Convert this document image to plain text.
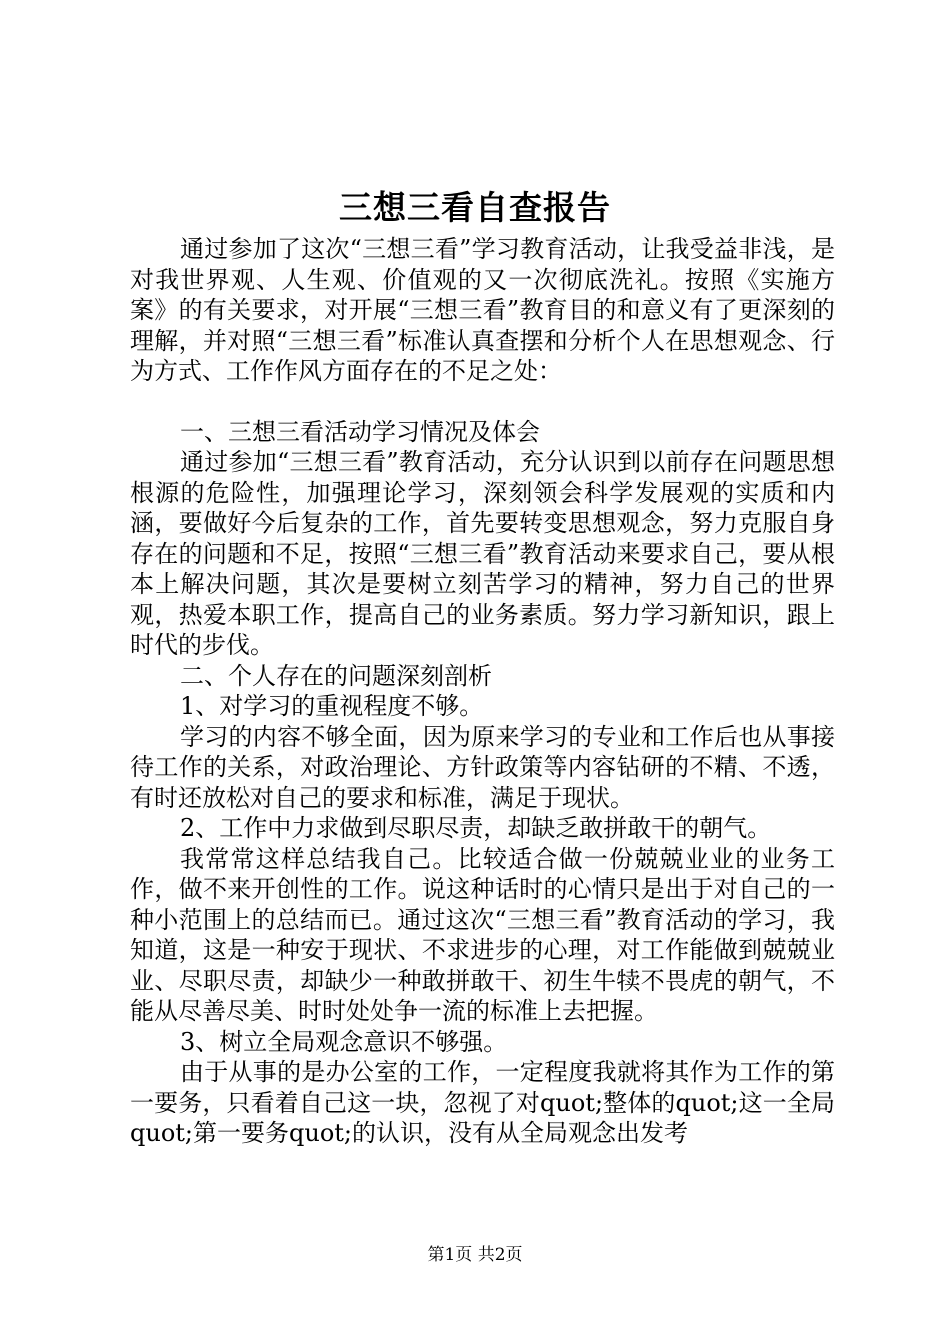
三想三看自查报告

通过参加了这次“三想三看”学习教育活动，让我受益非浅，是对我世界观、人生观、价值观的又一次彻底洗礼。按照《实施方案》的有关要求，对开展“三想三看”教育目的和意义有了更深刻的理解，并对照“三想三看”标准认真查摆和分析个人在思想观念、行为方式、工作作风方面存在的不足之处：

一、三想三看活动学习情况及体会

通过参加“三想三看”教育活动，充分认识到以前存在问题思想根源的危险性，加强理论学习，深刻领会科学发展观的实质和内涵，要做好今后复杂的工作，首先要转变思想观念，努力克服自身存在的问题和不足，按照“三想三看”教育活动来要求自己，要从根本上解决问题，其次是要树立刻苦学习的精神，努力自己的世界观，热爱本职工作，提高自己的业务素质。努力学习新知识，跟上时代的步伐。

二、个人存在的问题深刻剖析

1、对学习的重视程度不够。

学习的内容不够全面，因为原来学习的专业和工作后也从事接待工作的关系，对政治理论、方针政策等内容钻研的不精、不透，有时还放松对自己的要求和标准，满足于现状。

2、工作中力求做到尽职尽责，却缺乏敢拼敢干的朝气。

我常常这样总结我自己。比较适合做一份兢兢业业的业务工作，做不来开创性的工作。说这种话时的心情只是出于对自己的一种小范围上的总结而已。通过这次“三想三看”教育活动的学习，我知道，这是一种安于现状、不求进步的心理，对工作能做到兢兢业业、尽职尽责，却缺少一种敢拼敢干、初生牛犊不畏虎的朝气，不能从尽善尽美、时时处处争一流的标准上去把握。

3、树立全局观念意识不够强。

由于从事的是办公室的工作，一定程度我就将其作为工作的第一要务，只看着自己这一块，忽视了对quot;整体的quot;这一全局quot;第一要务quot;的认识，没有从全局观念出发考

第1页 共2页
